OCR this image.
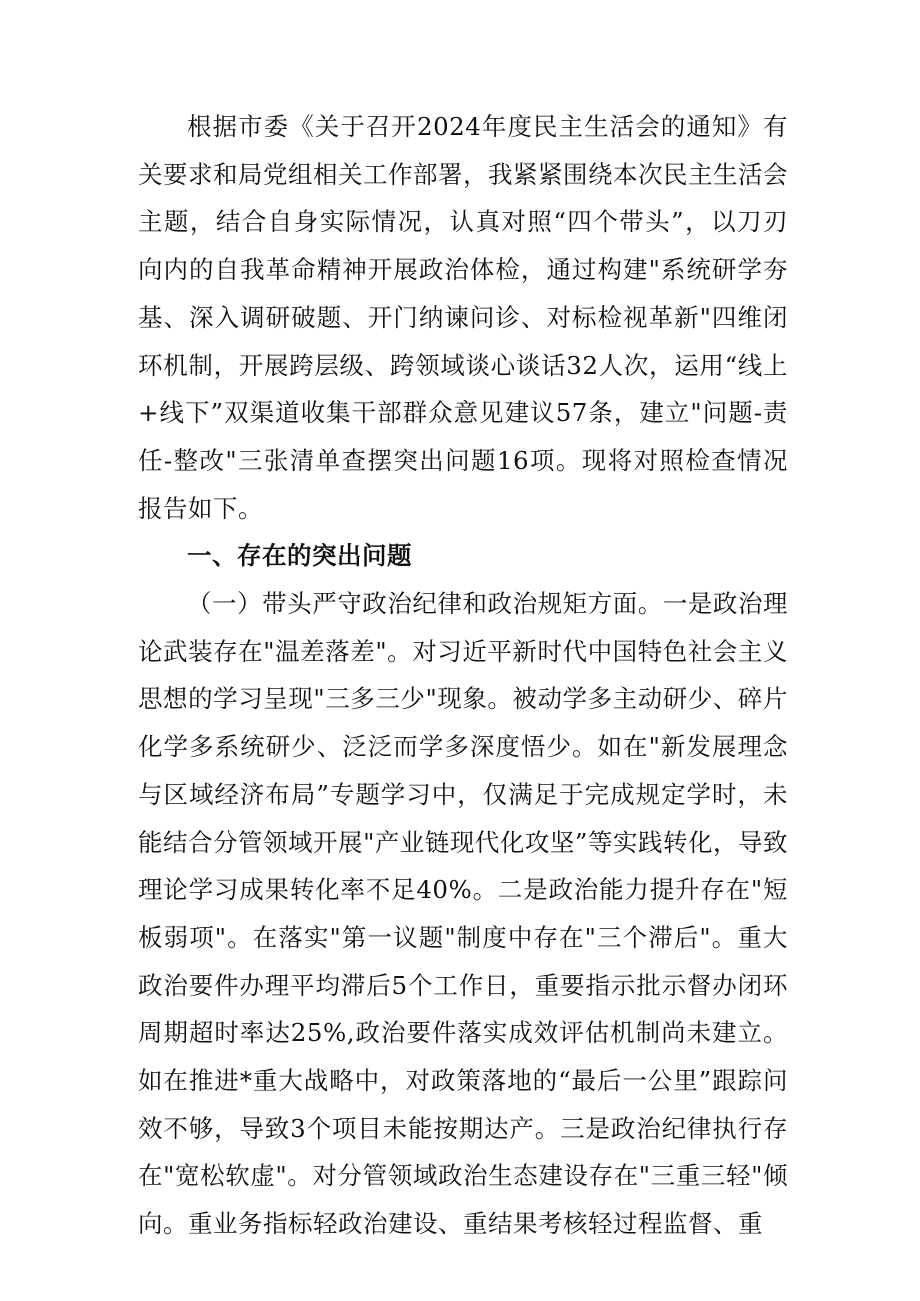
根据市委《关于召开2024年度民主生活会的通知》有关要求和局党组相关工作部署，我紧紧围绕本次民主生活会主题，结合自身实际情况，认真对照“四个带头”，以刀刃向内的自我革命精神开展政治体检，通过构建"系统研学夯基、深入调研破题、开门纳谏问诊、对标检视革新"四维闭环机制，开展跨层级、跨领域谈心谈话32人次，运用“线上+线下”双渠道收集干部群众意见建议57条，建立"问题-责任-整改"三张清单查摆突出问题16项。现将对照检查情况报告如下。

一、存在的突出问题

（一）带头严守政治纪律和政治规矩方面。一是政治理论武装存在"温差落差"。对习近平新时代中国特色社会主义思想的学习呈现"三多三少"现象。被动学多主动研少、碎片化学多系统研少、泛泛而学多深度悟少。如在"新发展理念与区域经济布局”专题学习中，仅满足于完成规定学时，未能结合分管领域开展"产业链现代化攻坚”等实践转化，导致理论学习成果转化率不足40%。二是政治能力提升存在"短板弱项"。在落实"第一议题"制度中存在"三个滞后"。重大政治要件办理平均滞后5个工作日，重要指示批示督办闭环周期超时率达25%,政治要件落实成效评估机制尚未建立。如在推进*重大战略中，对政策落地的“最后一公里”跟踪问效不够，导致3个项目未能按期达产。三是政治纪律执行存在"宽松软虚"。对分管领域政治生态建设存在"三重三轻"倾向。重业务指标轻政治建设、重结果考核轻过程监督、重
